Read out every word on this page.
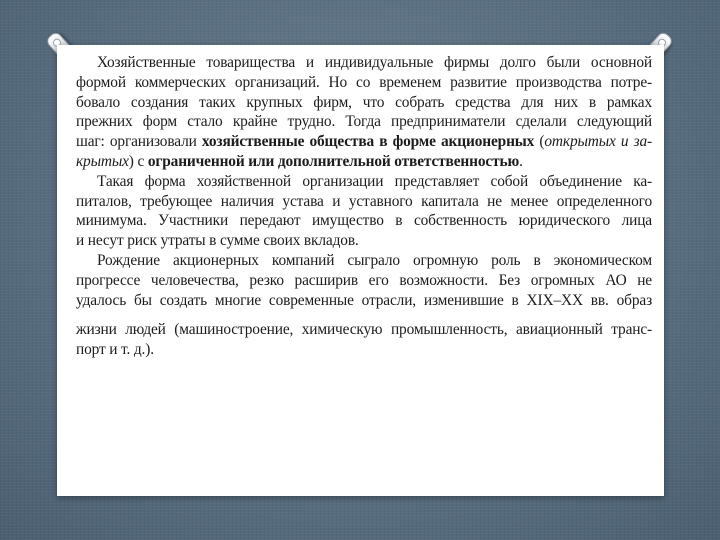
Хозяйственные товарищества и индивидуальные фирмы долго были основной
формой коммерческих организаций. Но со временем развитие производства потре-
бовало создания таких крупных фирм, что собрать средства для них в рамках
прежних форм стало крайне трудно. Тогда предприниматели сделали следующий
шаг: организовали хозяйственные общества в форме акционерных (открытых и за-
крытых) с ограниченной или дополнительной ответственностью.
Такая форма хозяйственной организации представляет собой объединение ка-
питалов, требующее наличия устава и уставного капитала не менее определенного
минимума. Участники передают имущество в собственность юридического лица
и несут риск утраты в сумме своих вкладов.
Рождение акционерных компаний сыграло огромную роль в экономическом
прогрессе человечества, резко расширив его возможности. Без огромных АО не
удалось бы создать многие современные отрасли, изменившие в XIX–XX вв. образ
жизни людей (машиностроение, химическую промышленность, авиационный транс-
порт и т. д.).
